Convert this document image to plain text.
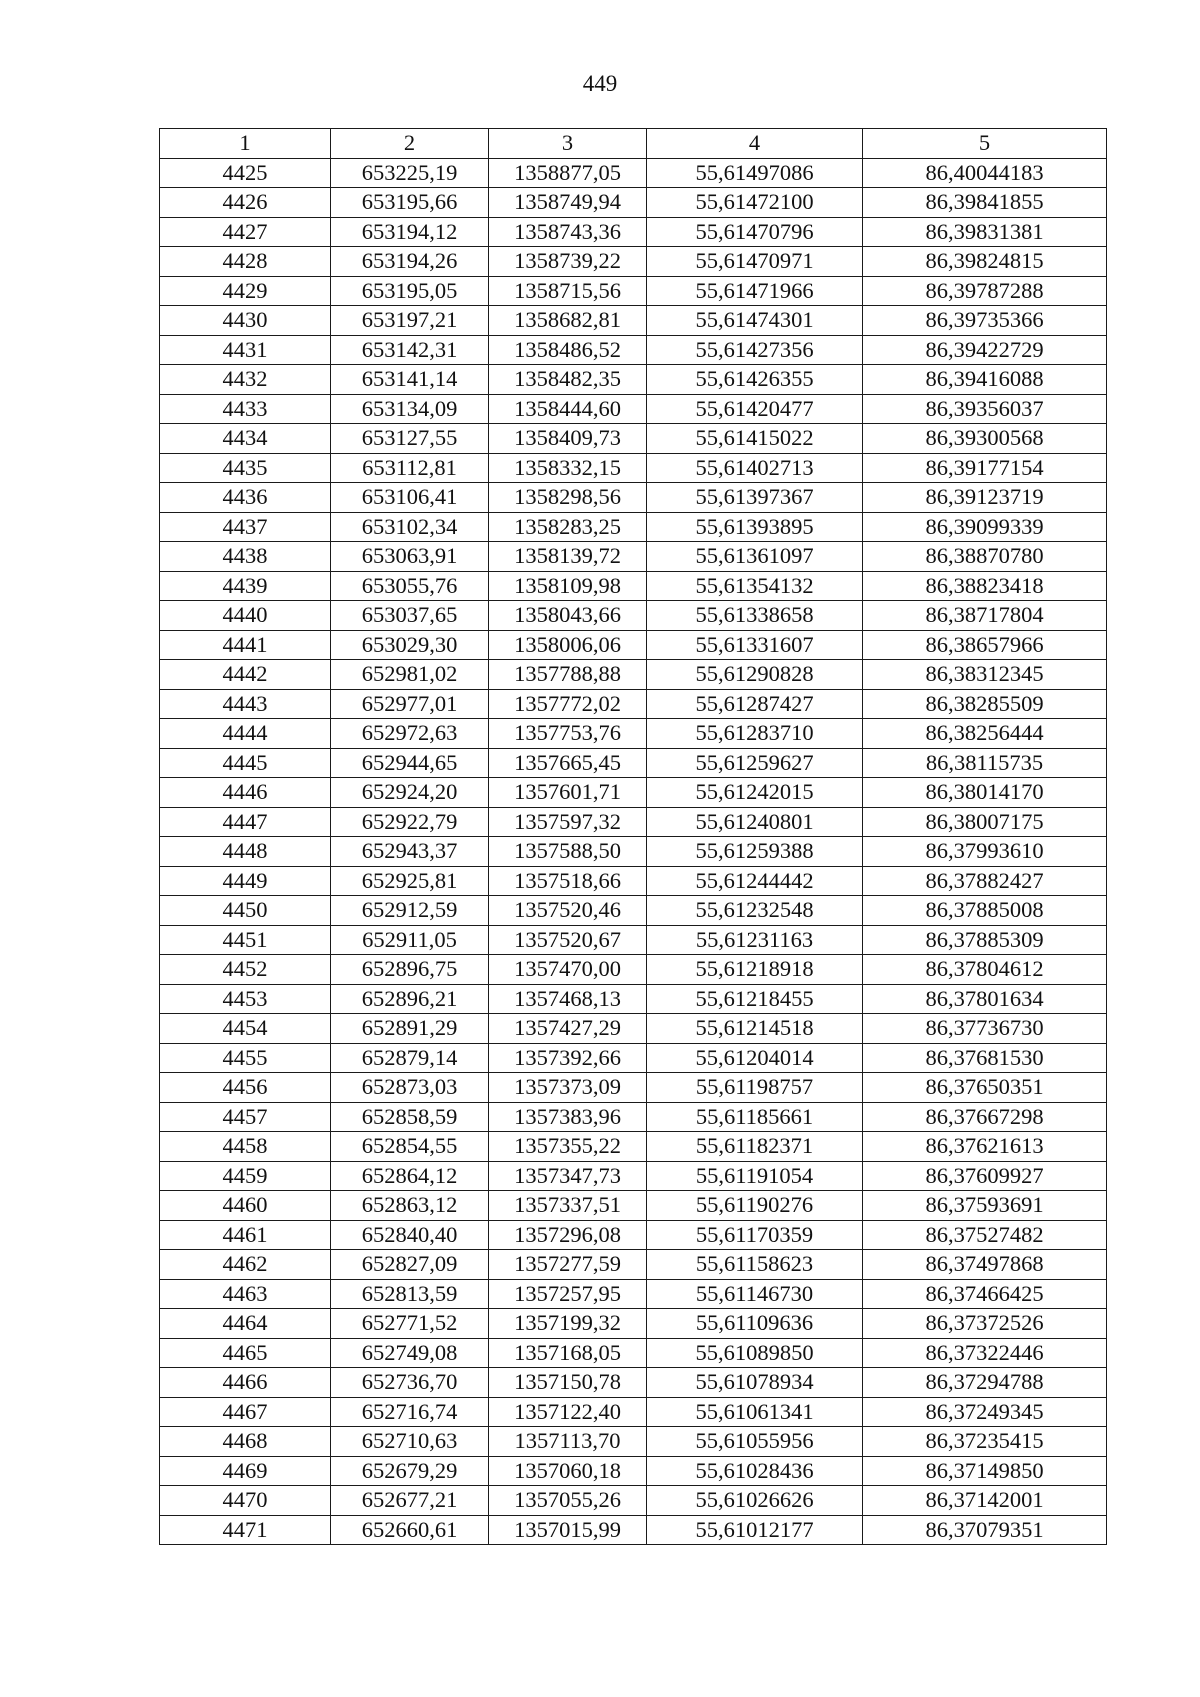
449
1	2	3	4	5
4425	653225,19	1358877,05	55,61497086	86,40044183
4426	653195,66	1358749,94	55,61472100	86,39841855
4427	653194,12	1358743,36	55,61470796	86,39831381
4428	653194,26	1358739,22	55,61470971	86,39824815
4429	653195,05	1358715,56	55,61471966	86,39787288
4430	653197,21	1358682,81	55,61474301	86,39735366
4431	653142,31	1358486,52	55,61427356	86,39422729
4432	653141,14	1358482,35	55,61426355	86,39416088
4433	653134,09	1358444,60	55,61420477	86,39356037
4434	653127,55	1358409,73	55,61415022	86,39300568
4435	653112,81	1358332,15	55,61402713	86,39177154
4436	653106,41	1358298,56	55,61397367	86,39123719
4437	653102,34	1358283,25	55,61393895	86,39099339
4438	653063,91	1358139,72	55,61361097	86,38870780
4439	653055,76	1358109,98	55,61354132	86,38823418
4440	653037,65	1358043,66	55,61338658	86,38717804
4441	653029,30	1358006,06	55,61331607	86,38657966
4442	652981,02	1357788,88	55,61290828	86,38312345
4443	652977,01	1357772,02	55,61287427	86,38285509
4444	652972,63	1357753,76	55,61283710	86,38256444
4445	652944,65	1357665,45	55,61259627	86,38115735
4446	652924,20	1357601,71	55,61242015	86,38014170
4447	652922,79	1357597,32	55,61240801	86,38007175
4448	652943,37	1357588,50	55,61259388	86,37993610
4449	652925,81	1357518,66	55,61244442	86,37882427
4450	652912,59	1357520,46	55,61232548	86,37885008
4451	652911,05	1357520,67	55,61231163	86,37885309
4452	652896,75	1357470,00	55,61218918	86,37804612
4453	652896,21	1357468,13	55,61218455	86,37801634
4454	652891,29	1357427,29	55,61214518	86,37736730
4455	652879,14	1357392,66	55,61204014	86,37681530
4456	652873,03	1357373,09	55,61198757	86,37650351
4457	652858,59	1357383,96	55,61185661	86,37667298
4458	652854,55	1357355,22	55,61182371	86,37621613
4459	652864,12	1357347,73	55,61191054	86,37609927
4460	652863,12	1357337,51	55,61190276	86,37593691
4461	652840,40	1357296,08	55,61170359	86,37527482
4462	652827,09	1357277,59	55,61158623	86,37497868
4463	652813,59	1357257,95	55,61146730	86,37466425
4464	652771,52	1357199,32	55,61109636	86,37372526
4465	652749,08	1357168,05	55,61089850	86,37322446
4466	652736,70	1357150,78	55,61078934	86,37294788
4467	652716,74	1357122,40	55,61061341	86,37249345
4468	652710,63	1357113,70	55,61055956	86,37235415
4469	652679,29	1357060,18	55,61028436	86,37149850
4470	652677,21	1357055,26	55,61026626	86,37142001
4471	652660,61	1357015,99	55,61012177	86,37079351
